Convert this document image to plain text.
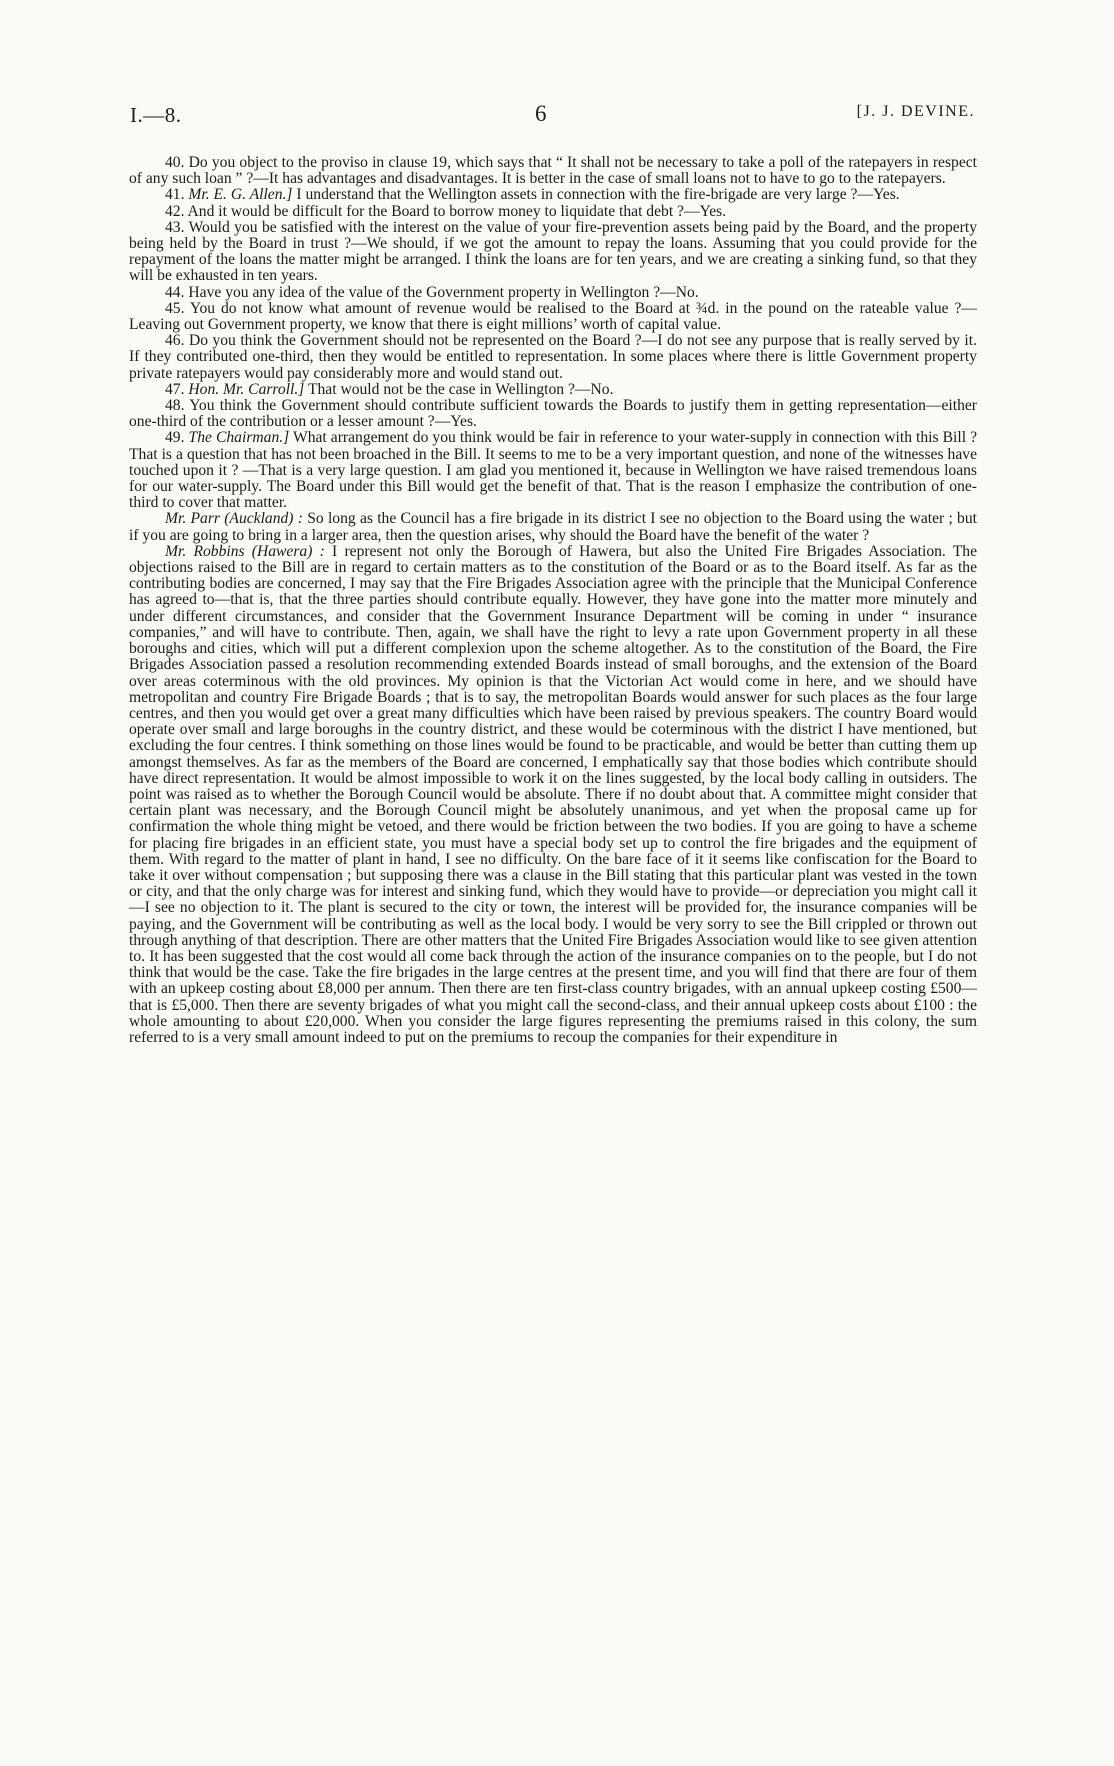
I.—8.	6	[J. J. DEVINE.

40. Do you object to the proviso in clause 19, which says that “ It shall not be necessary to take a poll of the ratepayers in respect of any such loan ” ?—It has advantages and disadvantages. It is better in the case of small loans not to have to go to the ratepayers.

41. Mr. E. G. Allen.] I understand that the Wellington assets in connection with the fire-brigade are very large ?—Yes.

42. And it would be difficult for the Board to borrow money to liquidate that debt ?—Yes.

43. Would you be satisfied with the interest on the value of your fire-prevention assets being paid by the Board, and the property being held by the Board in trust ?—We should, if we got the amount to repay the loans. Assuming that you could provide for the repayment of the loans the matter might be arranged. I think the loans are for ten years, and we are creating a sinking fund, so that they will be exhausted in ten years.

44. Have you any idea of the value of the Government property in Wellington ?—No.

45. You do not know what amount of revenue would be realised to the Board at ¾d. in the pound on the rateable value ?—Leaving out Government property, we know that there is eight millions’ worth of capital value.

46. Do you think the Government should not be represented on the Board ?—I do not see any purpose that is really served by it. If they contributed one-third, then they would be entitled to representation. In some places where there is little Government property private ratepayers would pay considerably more and would stand out.

47. Hon. Mr. Carroll.] That would not be the case in Wellington ?—No.

48. You think the Government should contribute sufficient towards the Boards to justify them in getting representation—either one-third of the contribution or a lesser amount ?—Yes.

49. The Chairman.] What arrangement do you think would be fair in reference to your water-supply in connection with this Bill ? That is a question that has not been broached in the Bill. It seems to me to be a very important question, and none of the witnesses have touched upon it ? —That is a very large question. I am glad you mentioned it, because in Wellington we have raised tremendous loans for our water-supply. The Board under this Bill would get the benefit of that. That is the reason I emphasize the contribution of one-third to cover that matter.

Mr. Parr (Auckland) : So long as the Council has a fire brigade in its district I see no objection to the Board using the water ; but if you are going to bring in a larger area, then the question arises, why should the Board have the benefit of the water ?

Mr. Robbins (Hawera) : I represent not only the Borough of Hawera, but also the United Fire Brigades Association. The objections raised to the Bill are in regard to certain matters as to the constitution of the Board or as to the Board itself. As far as the contributing bodies are concerned, I may say that the Fire Brigades Association agree with the principle that the Municipal Conference has agreed to—that is, that the three parties should contribute equally. However, they have gone into the matter more minutely and under different circumstances, and consider that the Government Insurance Department will be coming in under “ insurance companies,” and will have to contribute. Then, again, we shall have the right to levy a rate upon Government property in all these boroughs and cities, which will put a different complexion upon the scheme altogether. As to the constitution of the Board, the Fire Brigades Association passed a resolution recommending extended Boards instead of small boroughs, and the extension of the Board over areas coterminous with the old provinces. My opinion is that the Victorian Act would come in here, and we should have metropolitan and country Fire Brigade Boards ; that is to say, the metropolitan Boards would answer for such places as the four large centres, and then you would get over a great many difficulties which have been raised by previous speakers. The country Board would operate over small and large boroughs in the country district, and these would be coterminous with the district I have mentioned, but excluding the four centres. I think something on those lines would be found to be practicable, and would be better than cutting them up amongst themselves. As far as the members of the Board are concerned, I emphatically say that those bodies which contribute should have direct representation. It would be almost impossible to work it on the lines suggested, by the local body calling in outsiders. The point was raised as to whether the Borough Council would be absolute. There if no doubt about that. A committee might consider that certain plant was necessary, and the Borough Council might be absolutely unanimous, and yet when the proposal came up for confirmation the whole thing might be vetoed, and there would be friction between the two bodies. If you are going to have a scheme for placing fire brigades in an efficient state, you must have a special body set up to control the fire brigades and the equipment of them. With regard to the matter of plant in hand, I see no difficulty. On the bare face of it it seems like confiscation for the Board to take it over without compensation ; but supposing there was a clause in the Bill stating that this particular plant was vested in the town or city, and that the only charge was for interest and sinking fund, which they would have to provide—or depreciation you might call it—I see no objection to it. The plant is secured to the city or town, the interest will be provided for, the insurance companies will be paying, and the Government will be contributing as well as the local body. I would be very sorry to see the Bill crippled or thrown out through anything of that description. There are other matters that the United Fire Brigades Association would like to see given attention to. It has been suggested that the cost would all come back through the action of the insurance companies on to the people, but I do not think that would be the case. Take the fire brigades in the large centres at the present time, and you will find that there are four of them with an upkeep costing about £8,000 per annum. Then there are ten first-class country brigades, with an annual upkeep costing £500—that is £5,000. Then there are seventy brigades of what you might call the second-class, and their annual upkeep costs about £100 : the whole amounting to about £20,000. When you consider the large figures representing the premiums raised in this colony, the sum referred to is a very small amount indeed to put on the premiums to recoup the companies for their expenditure in
